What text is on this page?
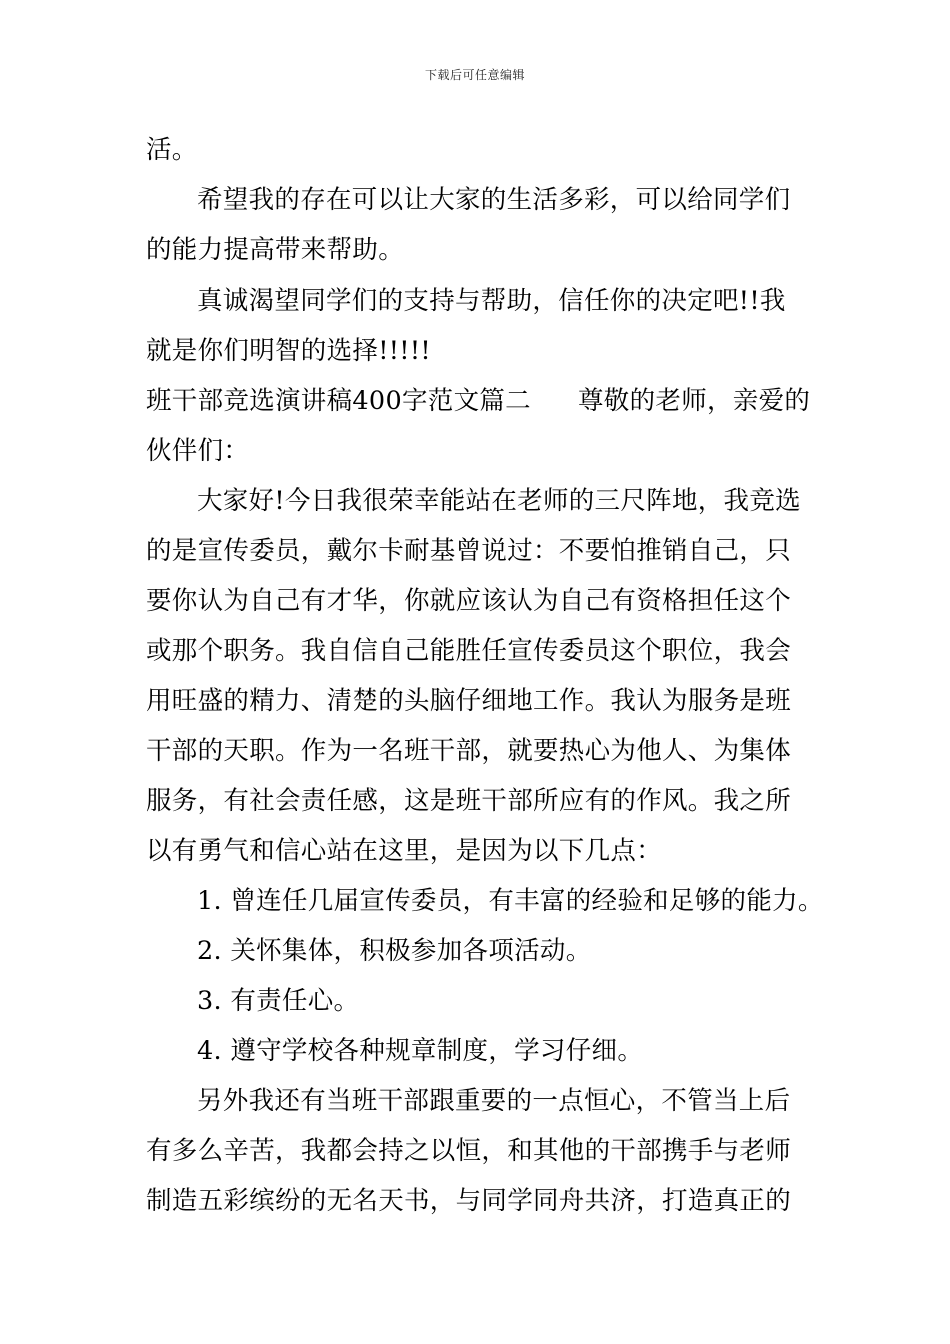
下载后可任意编辑
活。
希望我的存在可以让大家的生活多彩，可以给同学们
的能力提高带来帮助。
真诚渴望同学们的支持与帮助，信任你的决定吧!!我
就是你们明智的选择!!!!!
班干部竞选演讲稿400字范文篇二	尊敬的老师，亲爱的
伙伴们：
大家好!今日我很荣幸能站在老师的三尺阵地，我竞选
的是宣传委员，戴尔卡耐基曾说过：不要怕推销自己，只
要你认为自己有才华，你就应该认为自己有资格担任这个
或那个职务。我自信自己能胜任宣传委员这个职位，我会
用旺盛的精力、清楚的头脑仔细地工作。我认为服务是班
干部的天职。作为一名班干部，就要热心为他人、为集体
服务，有社会责任感，这是班干部所应有的作风。我之所
以有勇气和信心站在这里，是因为以下几点：
1. 曾连任几届宣传委员，有丰富的经验和足够的能力。
2. 关怀集体，积极参加各项活动。
3. 有责任心。
4. 遵守学校各种规章制度，学习仔细。
另外我还有当班干部跟重要的一点恒心，不管当上后
有多么辛苦，我都会持之以恒，和其他的干部携手与老师
制造五彩缤纷的无名天书，与同学同舟共济，打造真正的
